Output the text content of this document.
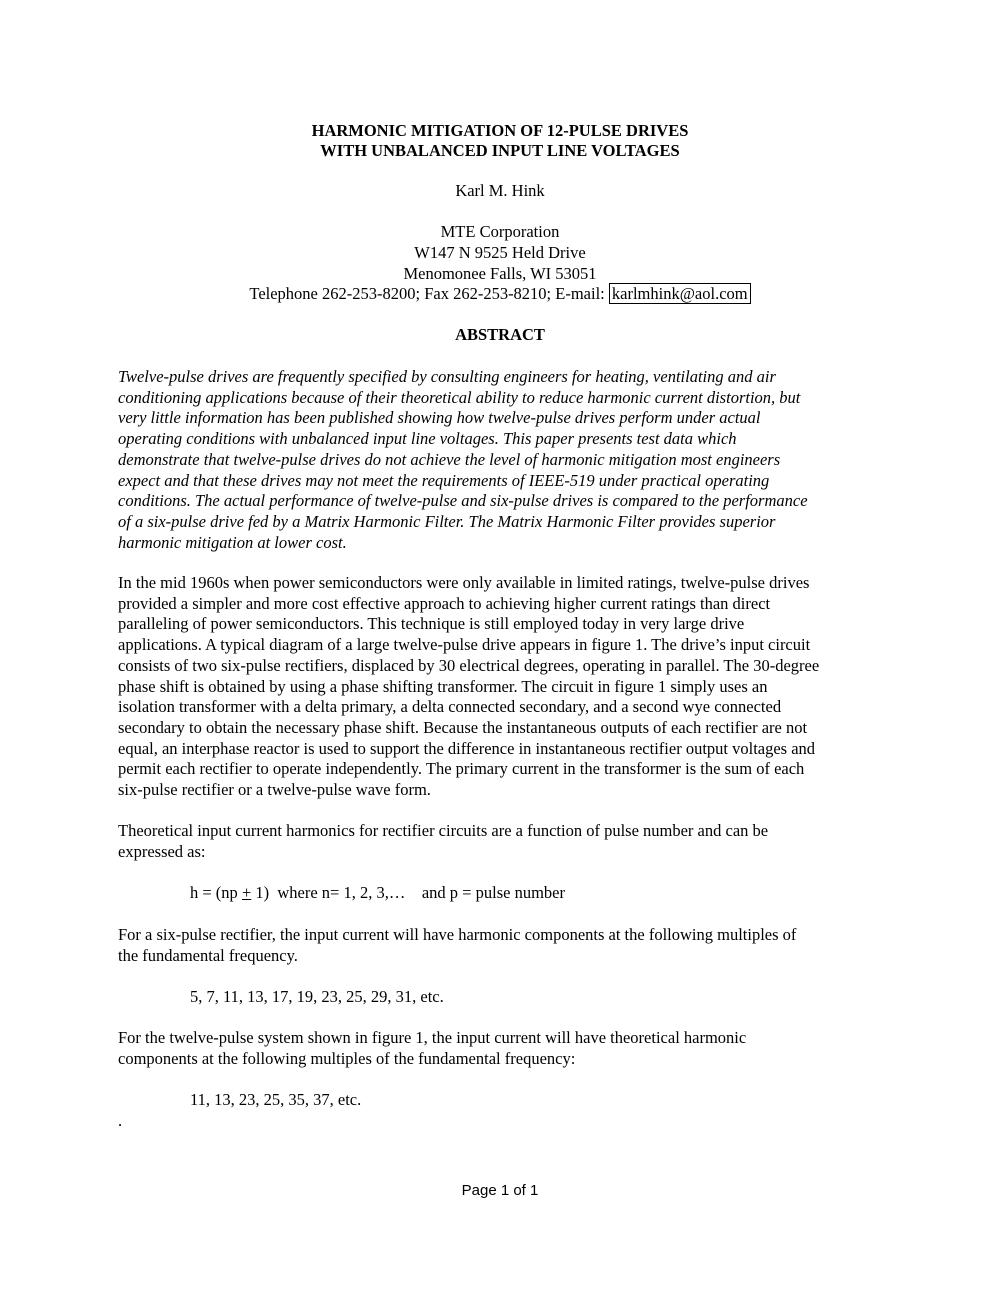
HARMONIC MITIGATION OF 12-PULSE DRIVES
WITH UNBALANCED INPUT LINE VOLTAGES
Karl M. Hink
MTE Corporation
W147 N 9525 Held Drive
Menomonee Falls, WI 53051
Telephone 262-253-8200; Fax 262-253-8210; E-mail: karlmhink@aol.com
ABSTRACT
Twelve-pulse drives are frequently specified by consulting engineers for heating, ventilating and air
conditioning applications because of their theoretical ability to reduce harmonic current distortion, but
very little information has been published showing how twelve-pulse drives perform under actual
operating conditions with unbalanced input line voltages. This paper presents test data which
demonstrate that twelve-pulse drives do not achieve the level of harmonic mitigation most engineers
expect and that these drives may not meet the requirements of IEEE-519 under practical operating
conditions. The actual performance of twelve-pulse and six-pulse drives is compared to the performance
of a six-pulse drive fed by a Matrix Harmonic Filter. The Matrix Harmonic Filter provides superior
harmonic mitigation at lower cost.
In the mid 1960s when power semiconductors were only available in limited ratings, twelve-pulse drives
provided a simpler and more cost effective approach to achieving higher current ratings than direct
paralleling of power semiconductors. This technique is still employed today in very large drive
applications. A typical diagram of a large twelve-pulse drive appears in figure 1. The drive’s input circuit
consists of two six-pulse rectifiers, displaced by 30 electrical degrees, operating in parallel. The 30-degree
phase shift is obtained by using a phase shifting transformer. The circuit in figure 1 simply uses an
isolation transformer with a delta primary, a delta connected secondary, and a second wye connected
secondary to obtain the necessary phase shift. Because the instantaneous outputs of each rectifier are not
equal, an interphase reactor is used to support the difference in instantaneous rectifier output voltages and
permit each rectifier to operate independently. The primary current in the transformer is the sum of each
six-pulse rectifier or a twelve-pulse wave form.
Theoretical input current harmonics for rectifier circuits are a function of pulse number and can be
expressed as:
h = (np + 1)  where n= 1, 2, 3,…    and p = pulse number
For a six-pulse rectifier, the input current will have harmonic components at the following multiples of
the fundamental frequency.
5, 7, 11, 13, 17, 19, 23, 25, 29, 31, etc.
For the twelve-pulse system shown in figure 1, the input current will have theoretical harmonic
components at the following multiples of the fundamental frequency:
11, 13, 23, 25, 35, 37, etc.
.
Page 1 of 1
